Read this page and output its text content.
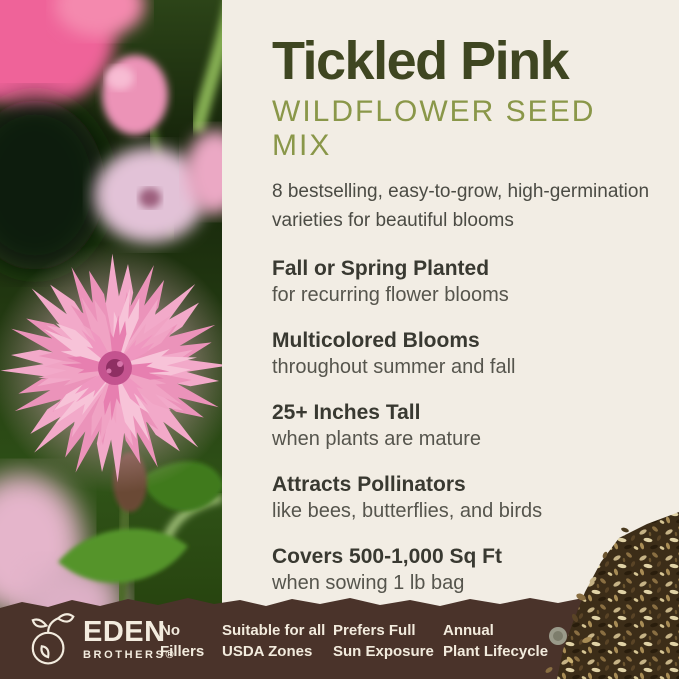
Tickled Pink
WILDFLOWER SEED MIX
8 bestselling, easy-to-grow, high-germination varieties for beautiful blooms

Fall or Spring Planted

for recurring flower blooms

Multicolored Blooms

throughout summer and fall

25+ Inches Tall

when plants are mature

Attracts Pollinators

like bees, butterflies, and birds

Covers 500-1,000 Sq Ft

when sowing 1 lb bag

EDEN
BROTHERS®
No
Fillers
Suitable for all
USDA Zones
Prefers Full
Sun Exposure
Annual
Plant Lifecycle
